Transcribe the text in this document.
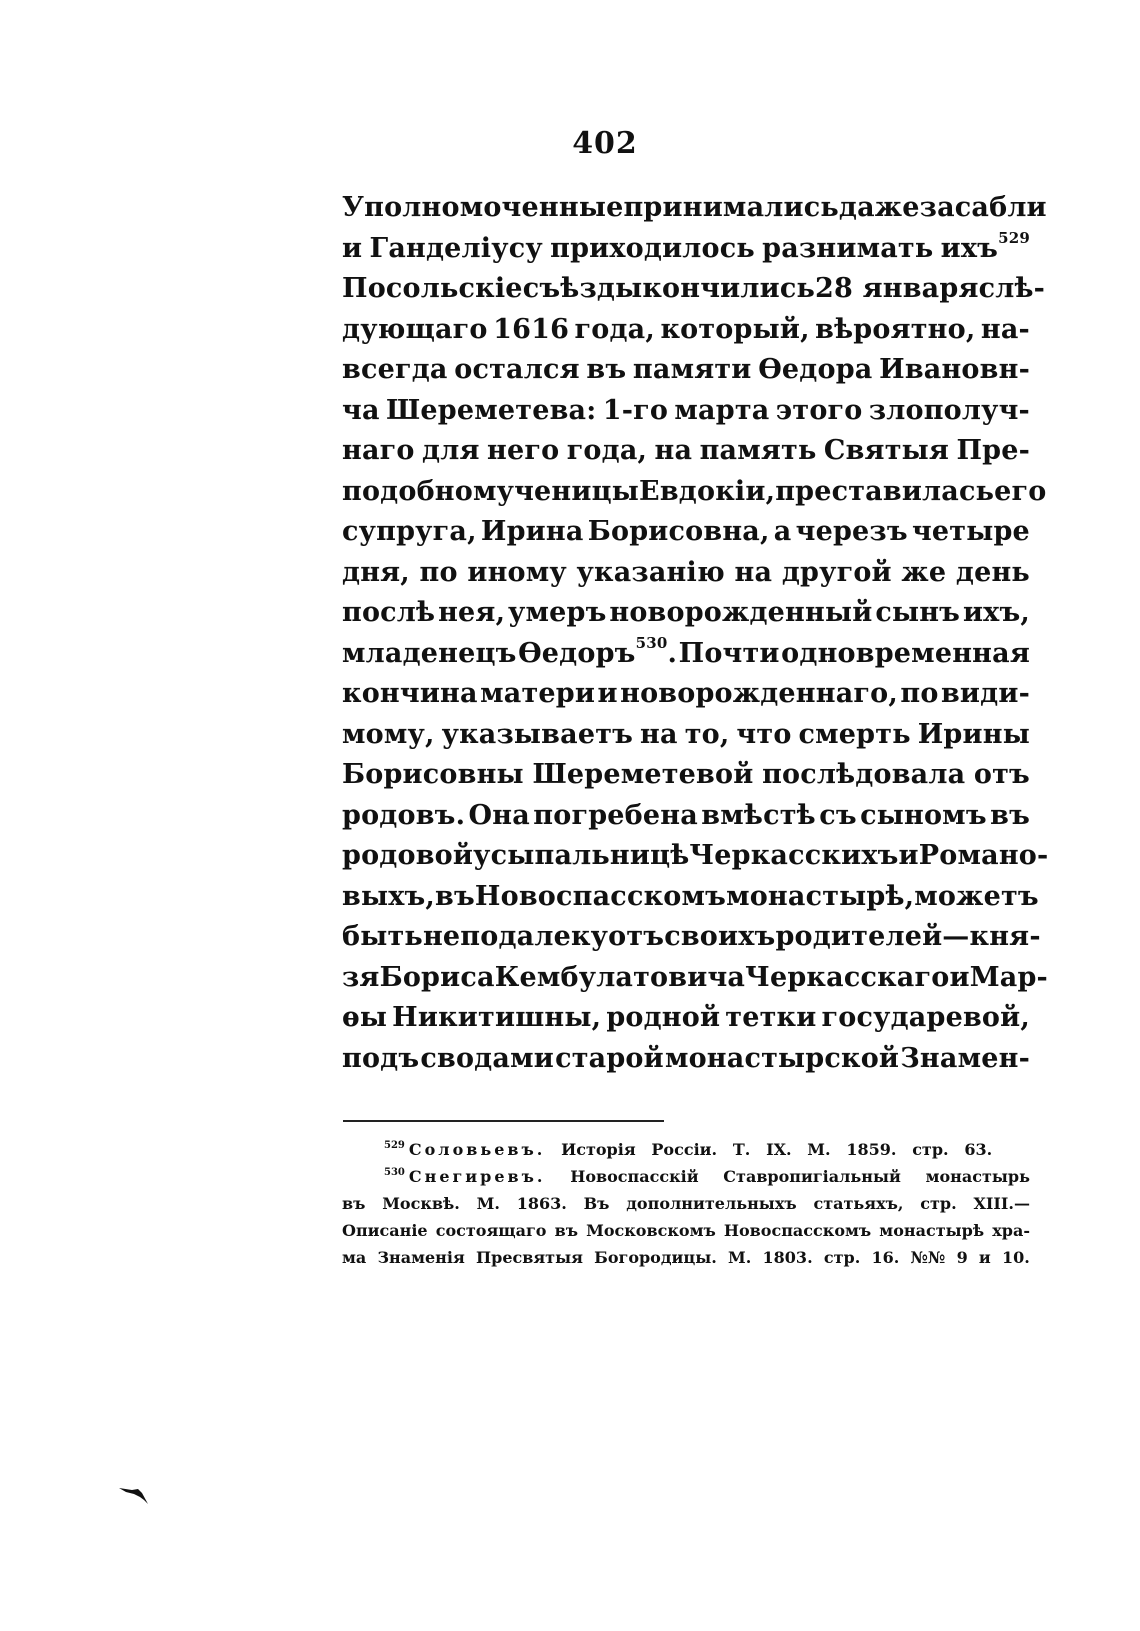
402
Уполномоченные принимались даже за сабли
и Ганделіусу приходилось разнимать ихъ$^{529}$
Посольскіе съѣзды кончились 28 января слѣ-
дующаго 1616 года, который, вѣроятно, на-
всегда остался въ памяти Ѳедора Ивановн-
ча Шереметева: 1-го марта этого злополуч-
наго для него года, на память Святыя Пре-
подобномученицы Евдокіи, преставилась его
супруга, Ирина Борисовна, а черезъ четыре
дня, по иному указанію на другой же день
послѣ нея, умеръ новорожденный сынъ ихъ,
младенецъ Ѳедоръ$^{530}$. Почти одновременная
кончина матери и новорожденнаго, по види-
мому, указываетъ на то, что смерть Ирины
Борисовны Шереметевой послѣдовала отъ
родовъ. Она погребена вмѣстѣ съ сыномъ въ
родовой усыпальницѣ Черкасскихъ и Романо-
выхъ, въ Новоспасскомъ монастырѣ, можетъ
быть неподалеку отъ своихъ родителей—кня-
зя Бориса Кембулатовича Черкасскаго и Мар-
ѳы Никитишны, родной тетки государевой,
подъ сводами старой монастырской Знамен-
$^{529}$ Соловьевъ. Исторія Россіи. Т. IX. М. 1859. стр. 63.
$^{530}$ Снегиревъ. Новоспасскій Ставропигіальный монастырь
въ Москвѣ. М. 1863. Въ дополнительныхъ статьяхъ, стр. XIII.—
Описаніе состоящаго въ Московскомъ Новоспасскомъ монастырѣ хра-
ма Знаменія Пресвятыя Богородицы. М. 1803. стр. 16. №№ 9 и 10.
